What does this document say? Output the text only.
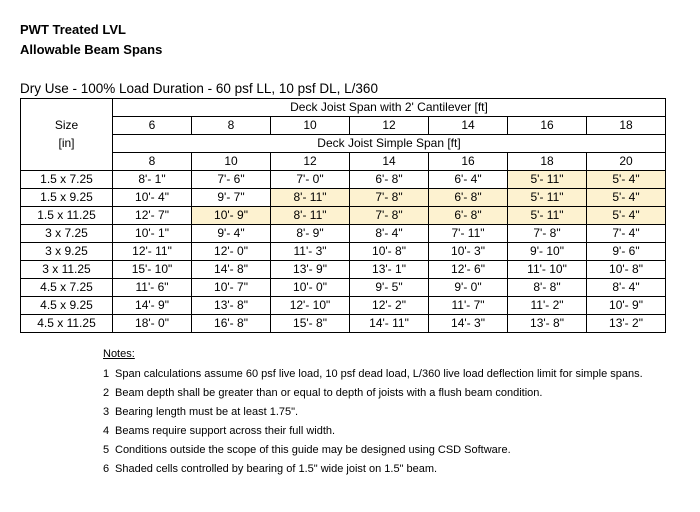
PWT Treated LVL
Allowable Beam Spans
Dry Use - 100% Load Duration - 60 psf LL, 10 psf DL, L/360
	Deck Joist Span with 2' Cantilever [ft]						
Size	6	8	10	12	14	16	18
[in]	Deck Joist Simple Span [ft]						
	8	10	12	14	16	18	20
1.5 x 7.25	8'- 1"	7'- 6"	7'- 0"	6'- 8"	6'- 4"	5'- 11"	5'- 4"
1.5 x 9.25	10'- 4"	9'- 7"	8'- 11"	7'- 8"	6'- 8"	5'- 11"	5'- 4"
1.5 x 11.25	12'- 7"	10'- 9"	8'- 11"	7'- 8"	6'- 8"	5'- 11"	5'- 4"
3 x 7.25	10'- 1"	9'- 4"	8'- 9"	8'- 4"	7'- 11"	7'- 8"	7'- 4"
3 x 9.25	12'- 11"	12'- 0"	11'- 3"	10'- 8"	10'- 3"	9'- 10"	9'- 6"
3 x 11.25	15'- 10"	14'- 8"	13'- 9"	13'- 1"	12'- 6"	11'- 10"	10'- 8"
4.5 x 7.25	11'- 6"	10'- 7"	10'- 0"	9'- 5"	9'- 0"	8'- 8"	8'- 4"
4.5 x 9.25	14'- 9"	13'- 8"	12'- 10"	12'- 2"	11'- 7"	11'- 2"	10'- 9"
4.5 x 11.25	18'- 0"	16'- 8"	15'- 8"	14'- 11"	14'- 3"	13'- 8"	13'- 2"
Notes:
1 Span calculations assume 60 psf live load, 10 psf dead load, L/360 live load deflection limit for simple spans.
2 Beam depth shall be greater than or equal to depth of joists with a flush beam condition.
3 Bearing length must be at least 1.75".
4 Beams require support across their full width.
5 Conditions outside the scope of this guide may be designed using CSD Software.
6 Shaded cells controlled by bearing of 1.5" wide joist on 1.5" beam.
